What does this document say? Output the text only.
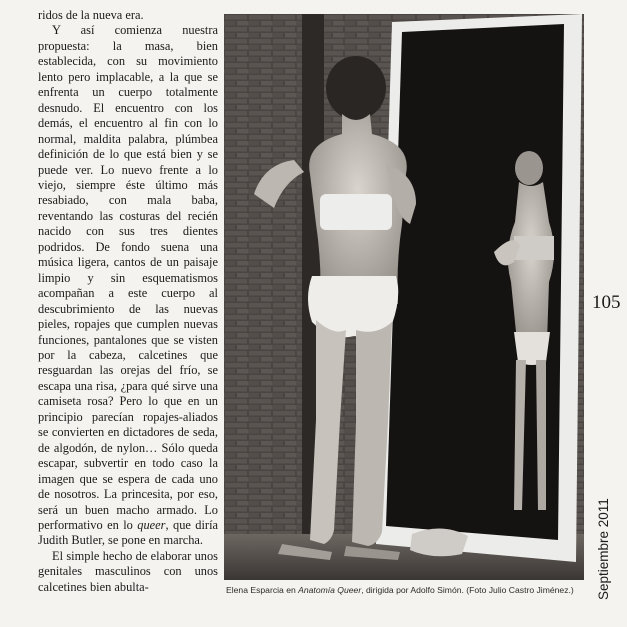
ridos de la nueva era.

Y así comienza nuestra propuesta: la masa, bien establecida, con su movimiento lento pero implacable, a la que se enfrenta un cuerpo totalmente desnudo. El encuentro con los demás, el encuentro al fin con lo normal, maldita palabra, plúmbea definición de lo que está bien y se puede ver. Lo nuevo frente a lo viejo, siempre éste último más resabiado, con mala baba, reventando las costuras del recién nacido con sus tres dientes podridos. De fondo suena una música ligera, cantos de un paisaje limpio y sin esquematismos acompañan a este cuerpo al descubrimiento de las nuevas pieles, ropajes que cumplen nuevas funciones, pantalones que se visten por la cabeza, calcetines que resguardan las orejas del frío, se escapa una risa, ¿para qué sirve una camiseta rosa? Pero lo que en un principio parecían ropajes-aliados se convierten en dictadores de seda, de algodón, de nylon… Sólo queda escapar, subvertir en todo caso la imagen que se espera de cada uno de nosotros. La princesita, por eso, será un buen macho armado. Lo performativo en lo queer, que diría Judith Butler, se pone en marcha.

El simple hecho de elaborar unos genitales masculinos con unos calcetines bien abulta-	Elena Esparcia en Anatomía Queer, dirigida por Adolfo Simón. (Foto Julio Castro Jiménez.)
105
Septiembre 2011
